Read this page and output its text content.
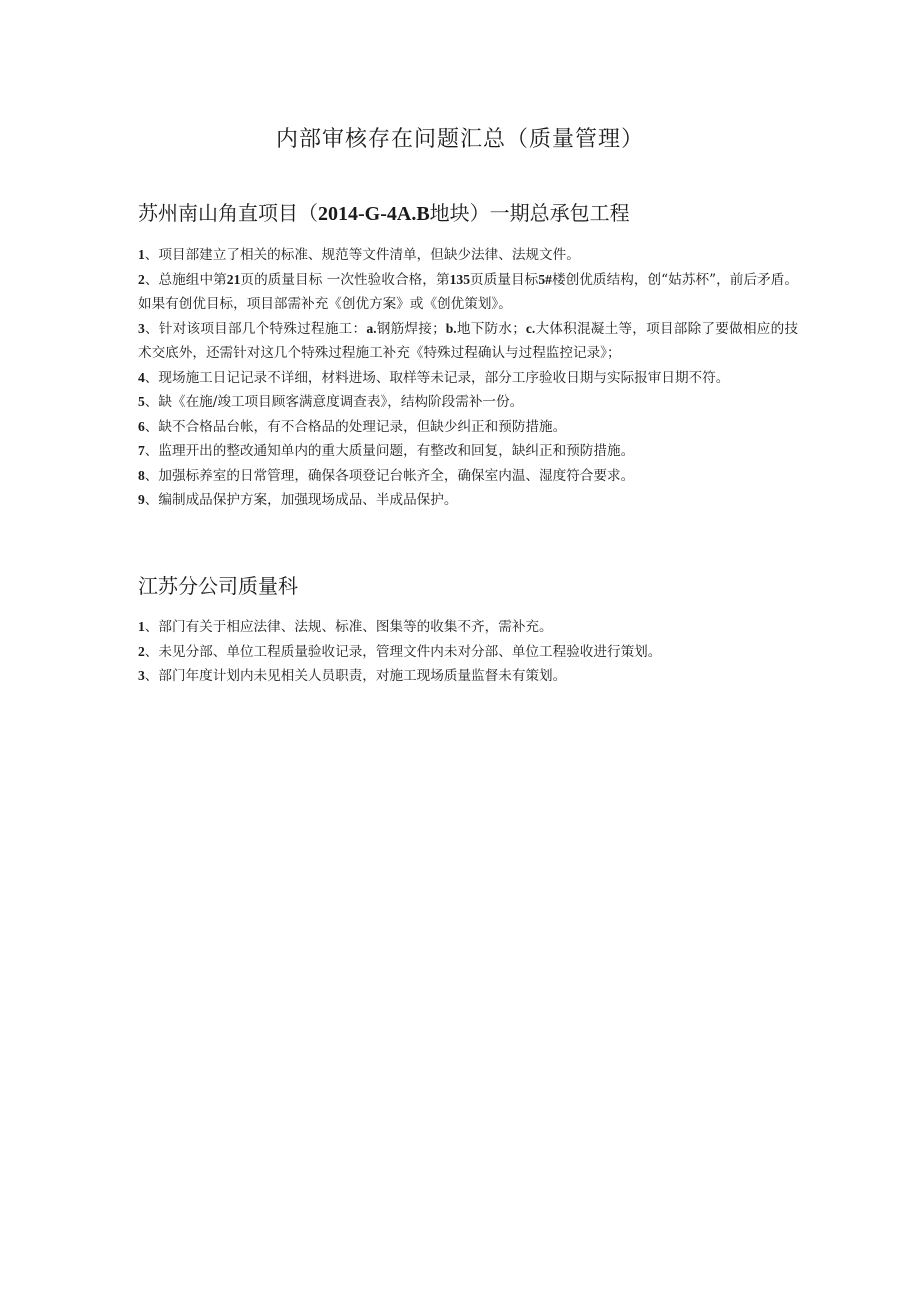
内部审核存在问题汇总（质量管理）
苏州南山角直项目（2014-G-4A.B地块）一期总承包工程

1、项目部建立了相关的标准、规范等文件清单，但缺少法律、法规文件。

2、总施组中第21页的质量目标 一次性验收合格，第135页质量目标5#楼创优质结构，创“姑苏杯”，前后矛盾。如果有创优目标，项目部需补充《创优方案》或《创优策划》。

3、针对该项目部几个特殊过程施工：a.钢筋焊接；b.地下防水；c.大体积混凝土等，项目部除了要做相应的技术交底外，还需针对这几个特殊过程施工补充《特殊过程确认与过程监控记录》；

4、现场施工日记记录不详细，材料进场、取样等未记录，部分工序验收日期与实际报审日期不符。

5、缺《在施/竣工项目顾客满意度调查表》，结构阶段需补一份。

6、缺不合格品台帐，有不合格品的处理记录，但缺少纠正和预防措施。

7、监理开出的整改通知单内的重大质量问题，有整改和回复，缺纠正和预防措施。

8、加强标养室的日常管理，确保各项登记台帐齐全，确保室内温、湿度符合要求。

9、编制成品保护方案，加强现场成品、半成品保护。

江苏分公司质量科

1、部门有关于相应法律、法规、标准、图集等的收集不齐，需补充。

2、未见分部、单位工程质量验收记录，管理文件内未对分部、单位工程验收进行策划。

3、部门年度计划内未见相关人员职责，对施工现场质量监督未有策划。
